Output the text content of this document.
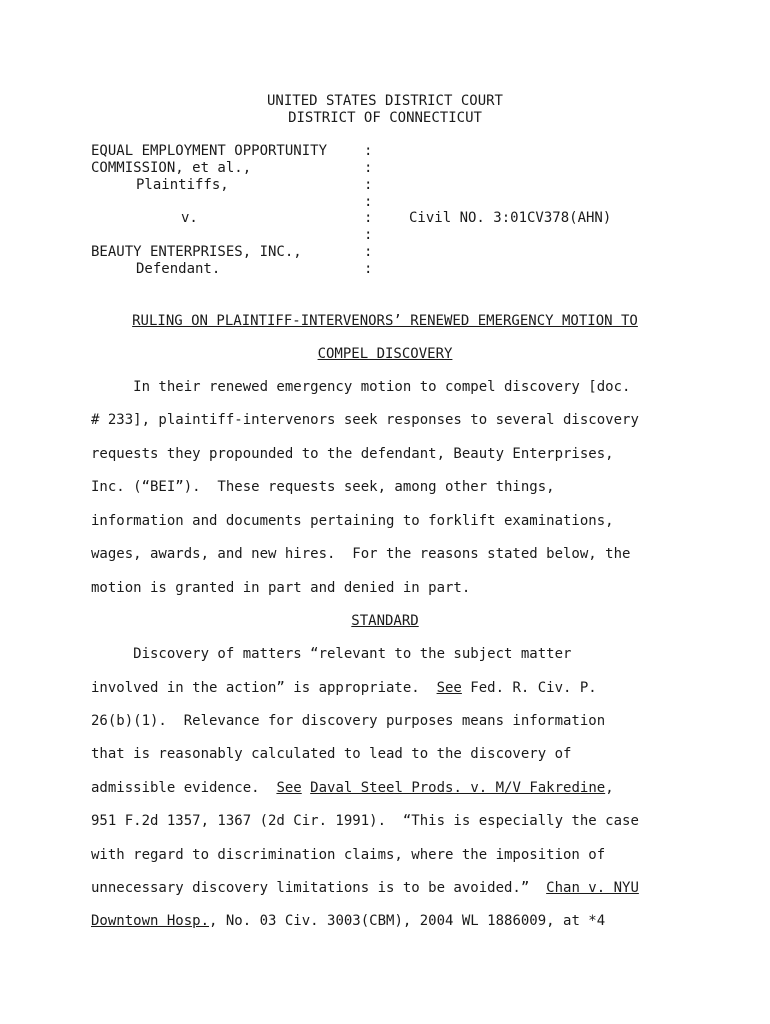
UNITED STATES DISTRICT COURT
DISTRICT OF CONNECTICUT
EQUAL EMPLOYMENT OPPORTUNITY
COMMISSION, et al.,
Plaintiffs,
v.
BEAUTY ENTERPRISES, INC.,
Defendant.
:
:
:
:
:
:
:
:
Civil NO. 3:01CV378(AHN)
RULING ON PLAINTIFF-INTERVENORS’ RENEWED EMERGENCY MOTION TO
COMPEL DISCOVERY
In their renewed emergency motion to compel discovery [doc.
# 233], plaintiff-intervenors seek responses to several discovery
requests they propounded to the defendant, Beauty Enterprises,
Inc. (“BEI”).  These requests seek, among other things,
information and documents pertaining to forklift examinations,
wages, awards, and new hires.  For the reasons stated below, the
motion is granted in part and denied in part.
STANDARD
Discovery of matters “relevant to the subject matter
involved in the action” is appropriate.  See Fed. R. Civ. P.
26(b)(1).  Relevance for discovery purposes means information
that is reasonably calculated to lead to the discovery of
admissible evidence.  See Daval Steel Prods. v. M/V Fakredine,
951 F.2d 1357, 1367 (2d Cir. 1991).  “This is especially the case
with regard to discrimination claims, where the imposition of
unnecessary discovery limitations is to be avoided.”  Chan v. NYU
Downtown Hosp., No. 03 Civ. 3003(CBM), 2004 WL 1886009, at *4
